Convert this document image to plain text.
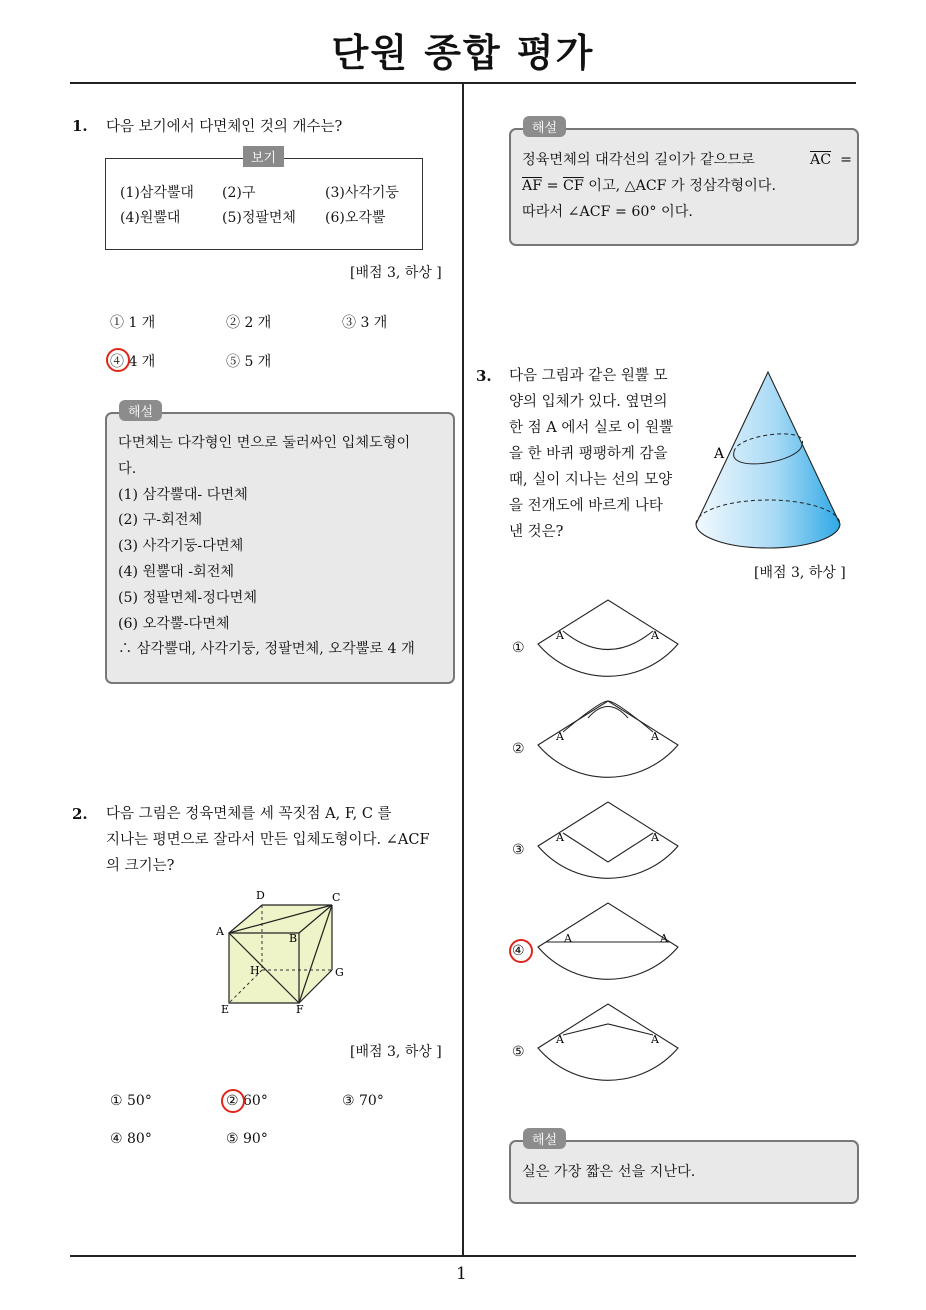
단원 종합 평가
1
1. 다음 보기에서 다면체인 것의 개수는?
보기
(1)삼각뿔대 (2)구	(3)사각기둥
(4)원뿔대	(5)정팔면체 (6)오각뿔
[배점 3, 하상 ]
① 1 개	② 2 개	③ 3 개
④ 4 개	⑤ 5 개
해설
다면체는 다각형인 면으로 둘러싸인 입체도형이
다.
(1) 삼각뿔대- 다면체
(2) 구-회전체
(3) 사각기둥-다면체
(4) 원뿔대 -회전체
(5) 정팔면체-정다면체
(6) 오각뿔-다면체
∴ 삼각뿔대, 사각기둥, 정팔면체, 오각뿔로 4 개
2. 다음 그림은 정육면체를 세 꼭짓점 A, F, C 를
지나는 평면으로 잘라서 만든 입체도형이다. ∠ACF
의 크기는?
A
B
C
D
E	F
G
H
[배점 3, 하상 ]
① 50°	② 60°	③ 70°
④ 80°	⑤ 90°
해설
정육면체의 대각선의 길이가 같으므로	$\overline{AC}$ =
$\overline{AF} = \overline{CF}$ 이고, △ACF 가 정삼각형이다.
따라서 ∠ACF = 60° 이다.
3. 다음 그림과 같은 원뿔 모
양의 입체가 있다. 옆면의
한 점 A 에서 실로 이 원뿔
을 한 바퀴 팽팽하게 감을
때, 실이 지나는 선의 모양
을 전개도에 바르게 나타
낸 것은?
A
[배점 3, 하상 ]
①
②
③
④
⑤
A	A
A	A
A	A
A	A
A	A
해설
실은 가장 짧은 선을 지난다.
